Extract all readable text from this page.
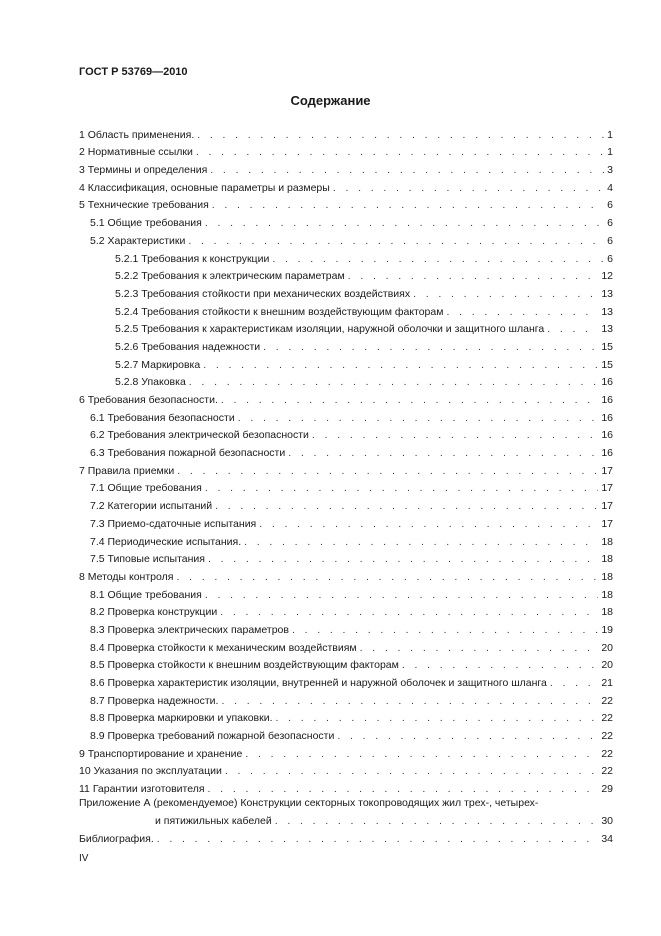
ГОСТ Р 53769—2010
Содержание
1 Область применения. . . .	1
2 Нормативные ссылки . . .	1
3 Термины и определения . . .	3
4 Классификация, основные параметры и размеры . . .	4
5 Технические требования . . .	6
5.1 Общие требования . . .	6
5.2 Характеристики . . .	6
5.2.1 Требования к конструкции . . .	6
5.2.2 Требования к электрическим параметрам . . .	12
5.2.3 Требования стойкости при механических воздействиях . . .	13
5.2.4 Требования стойкости к внешним воздействующим факторам . . .	13
5.2.5 Требования к характеристикам изоляции, наружной оболочки и защитного шланга . . .	13
5.2.6 Требования надежности . . .	15
5.2.7 Маркировка . . .	15
5.2.8 Упаковка . . .	16
6 Требования безопасности. . . .	16
6.1 Требования безопасности . . .	16
6.2 Требования электрической безопасности . . .	16
6.3 Требования пожарной безопасности . . .	16
7 Правила приемки . . .	17
7.1 Общие требования . . .	17
7.2 Категории испытаний . . .	17
7.3 Приемо-сдаточные испытания . . .	17
7.4 Периодические испытания. . . .	18
7.5 Типовые испытания . . .	18
8 Методы контроля . . .	18
8.1 Общие требования . . .	18
8.2 Проверка конструкции . . .	18
8.3 Проверка электрических параметров . . .	19
8.4 Проверка стойкости к механическим воздействиям . . .	20
8.5 Проверка стойкости к внешним воздействующим факторам . . .	20
8.6 Проверка характеристик изоляции, внутренней и наружной оболочек и защитного шланга . . .	21
8.7 Проверка надежности. . . .	22
8.8 Проверка маркировки и упаковки. . . .	22
8.9 Проверка требований пожарной безопасности . . .	22
9 Транспортирование и хранение . . .	22
10 Указания по эксплуатации . . .	22
11 Гарантии изготовителя . . .	29
Приложение А (рекомендуемое) Конструкции секторных токопроводящих жил трех-, четырех-
и пятижильных кабелей . . .	30
Библиография. . . .	34
IV
